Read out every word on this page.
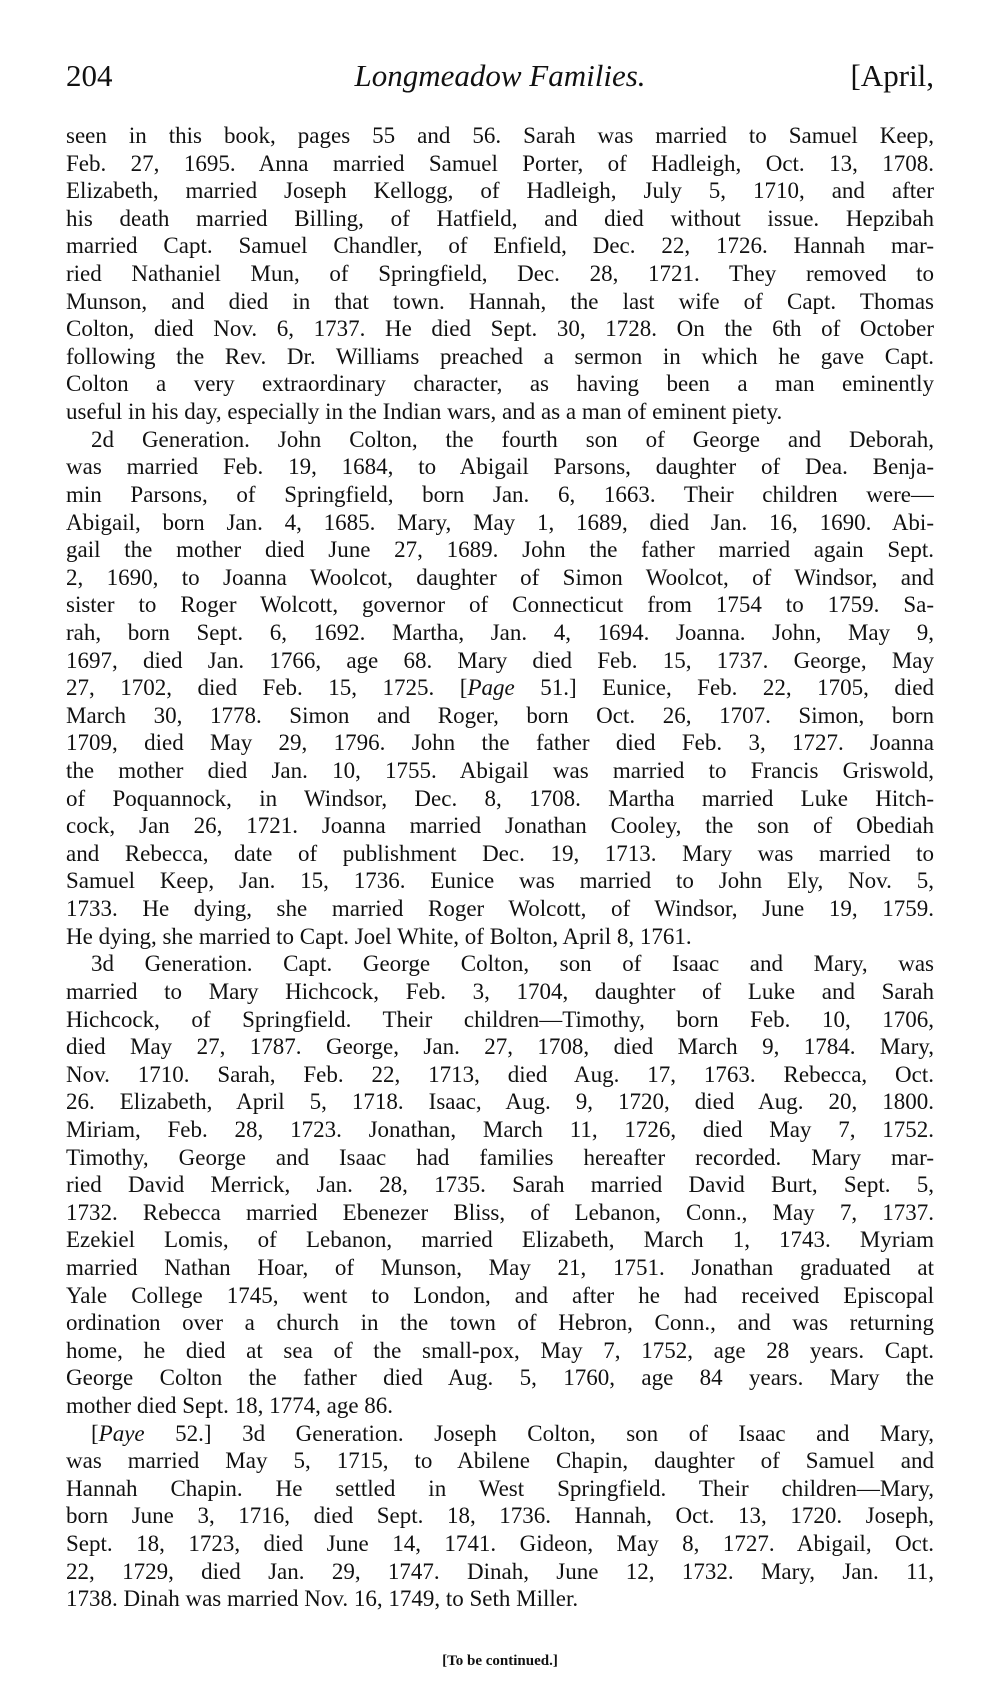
204	Longmeadow Families.	[April,
seen in this book, pages 55 and 56. Sarah was married to Samuel Keep,
Feb. 27, 1695. Anna married Samuel Porter, of Hadleigh, Oct. 13, 1708.
Elizabeth, married Joseph Kellogg, of Hadleigh, July 5, 1710, and after
his death married Billing, of Hatfield, and died without issue. Hepzibah
married Capt. Samuel Chandler, of Enfield, Dec. 22, 1726. Hannah mar-
ried Nathaniel Mun, of Springfield, Dec. 28, 1721. They removed to
Munson, and died in that town. Hannah, the last wife of Capt. Thomas
Colton, died Nov. 6, 1737. He died Sept. 30, 1728. On the 6th of October
following the Rev. Dr. Williams preached a sermon in which he gave Capt.
Colton a very extraordinary character, as having been a man eminently
useful in his day, especially in the Indian wars, and as a man of eminent piety.
2d Generation. John Colton, the fourth son of George and Deborah,
was married Feb. 19, 1684, to Abigail Parsons, daughter of Dea. Benja-
min Parsons, of Springfield, born Jan. 6, 1663. Their children were—
Abigail, born Jan. 4, 1685. Mary, May 1, 1689, died Jan. 16, 1690. Abi-
gail the mother died June 27, 1689. John the father married again Sept.
2, 1690, to Joanna Woolcot, daughter of Simon Woolcot, of Windsor, and
sister to Roger Wolcott, governor of Connecticut from 1754 to 1759. Sa-
rah, born Sept. 6, 1692. Martha, Jan. 4, 1694. Joanna. John, May 9,
1697, died Jan. 1766, age 68. Mary died Feb. 15, 1737. George, May
27, 1702, died Feb. 15, 1725. [Page 51.] Eunice, Feb. 22, 1705, died
March 30, 1778. Simon and Roger, born Oct. 26, 1707. Simon, born
1709, died May 29, 1796. John the father died Feb. 3, 1727. Joanna
the mother died Jan. 10, 1755. Abigail was married to Francis Griswold,
of Poquannock, in Windsor, Dec. 8, 1708. Martha married Luke Hitch-
cock, Jan 26, 1721. Joanna married Jonathan Cooley, the son of Obediah
and Rebecca, date of publishment Dec. 19, 1713. Mary was married to
Samuel Keep, Jan. 15, 1736. Eunice was married to John Ely, Nov. 5,
1733. He dying, she married Roger Wolcott, of Windsor, June 19, 1759.
He dying, she married to Capt. Joel White, of Bolton, April 8, 1761.
3d Generation. Capt. George Colton, son of Isaac and Mary, was
married to Mary Hichcock, Feb. 3, 1704, daughter of Luke and Sarah
Hichcock, of Springfield. Their children—Timothy, born Feb. 10, 1706,
died May 27, 1787. George, Jan. 27, 1708, died March 9, 1784. Mary,
Nov. 1710. Sarah, Feb. 22, 1713, died Aug. 17, 1763. Rebecca, Oct.
26. Elizabeth, April 5, 1718. Isaac, Aug. 9, 1720, died Aug. 20, 1800.
Miriam, Feb. 28, 1723. Jonathan, March 11, 1726, died May 7, 1752.
Timothy, George and Isaac had families hereafter recorded. Mary mar-
ried David Merrick, Jan. 28, 1735. Sarah married David Burt, Sept. 5,
1732. Rebecca married Ebenezer Bliss, of Lebanon, Conn., May 7, 1737.
Ezekiel Lomis, of Lebanon, married Elizabeth, March 1, 1743. Myriam
married Nathan Hoar, of Munson, May 21, 1751. Jonathan graduated at
Yale College 1745, went to London, and after he had received Episcopal
ordination over a church in the town of Hebron, Conn., and was returning
home, he died at sea of the small-pox, May 7, 1752, age 28 years. Capt.
George Colton the father died Aug. 5, 1760, age 84 years. Mary the
mother died Sept. 18, 1774, age 86.
[Paye 52.] 3d Generation. Joseph Colton, son of Isaac and Mary,
was married May 5, 1715, to Abilene Chapin, daughter of Samuel and
Hannah Chapin. He settled in West Springfield. Their children—Mary,
born June 3, 1716, died Sept. 18, 1736. Hannah, Oct. 13, 1720. Joseph,
Sept. 18, 1723, died June 14, 1741. Gideon, May 8, 1727. Abigail, Oct.
22, 1729, died Jan. 29, 1747. Dinah, June 12, 1732. Mary, Jan. 11,
1738. Dinah was married Nov. 16, 1749, to Seth Miller.
[To be continued.]
